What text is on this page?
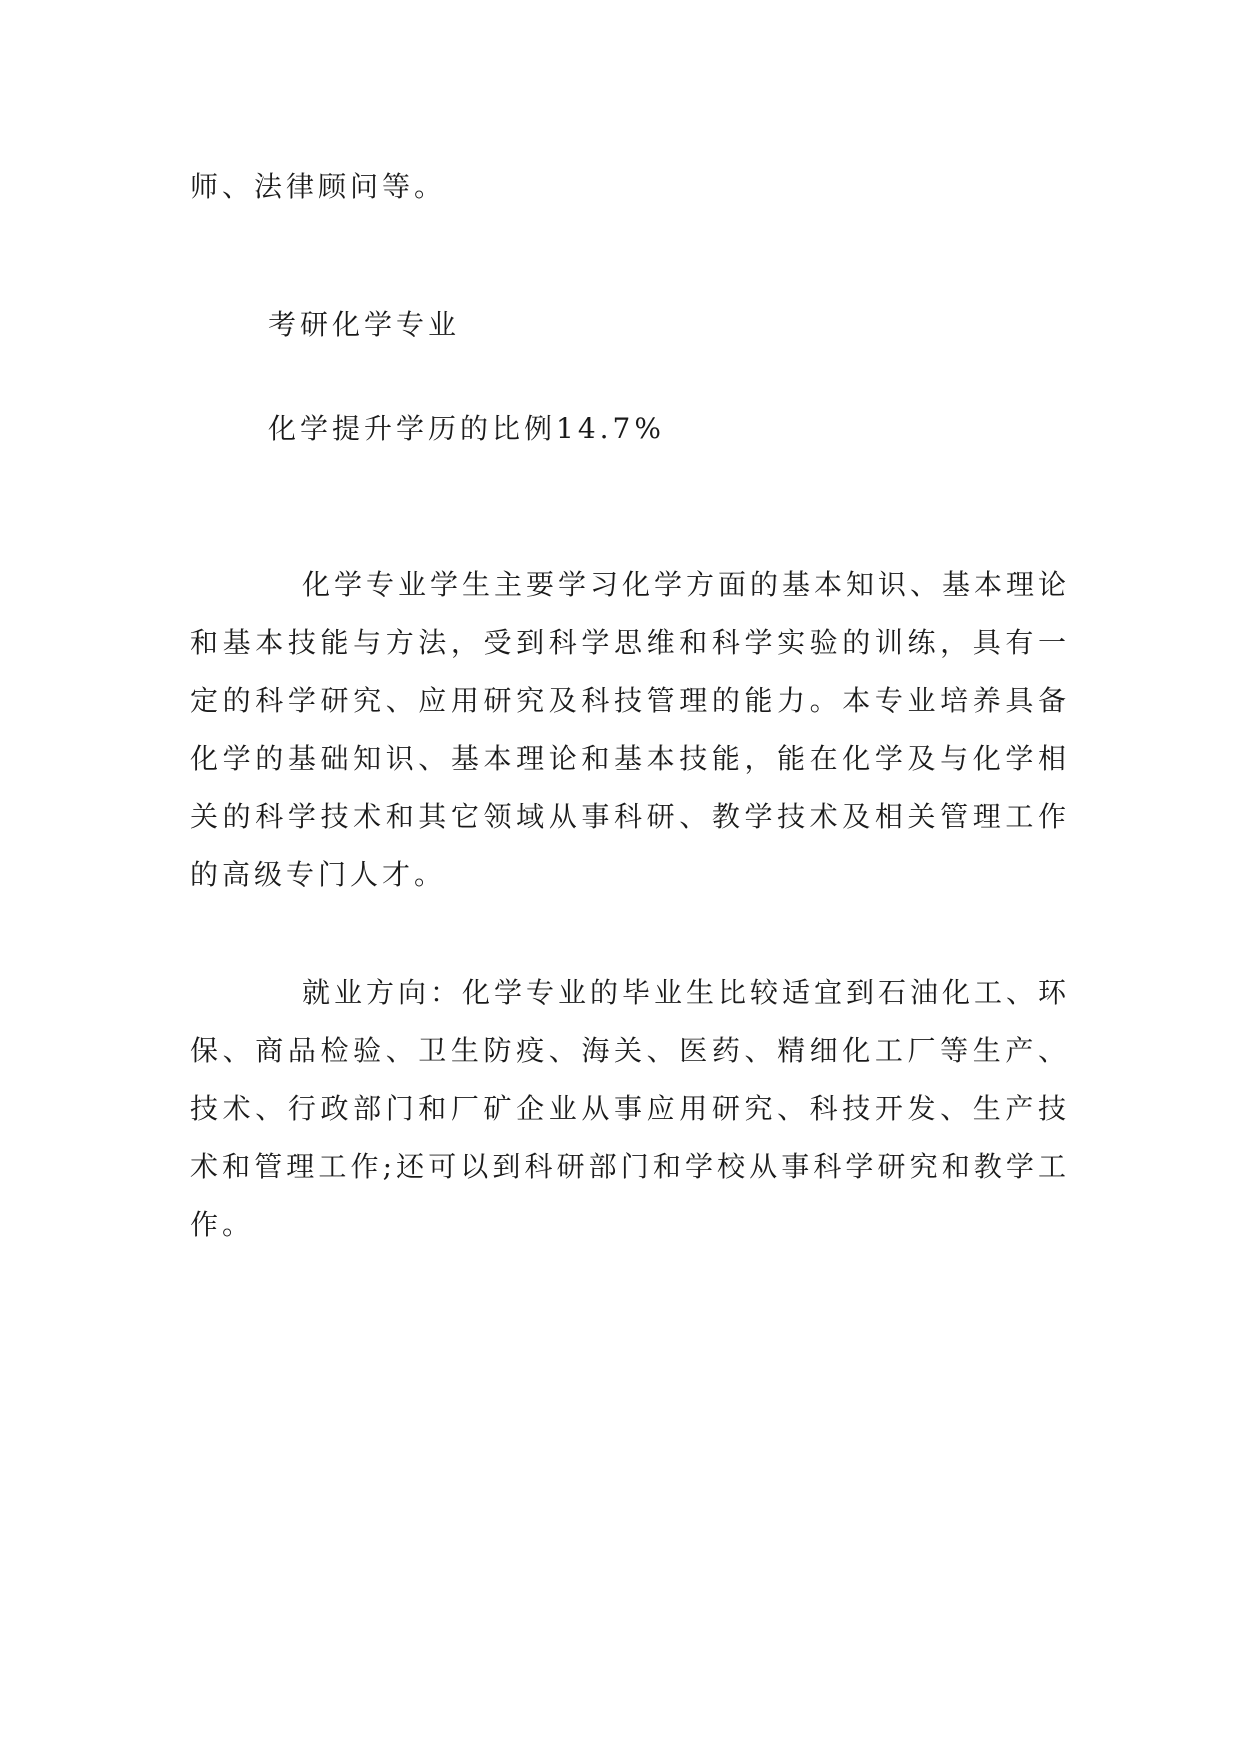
师、法律顾问等。
考研化学专业
化学提升学历的比例14.7%
化学专业学生主要学习化学方面的基本知识、基本理论和基本技能与方法，受到科学思维和科学实验的训练，具有一定的科学研究、应用研究及科技管理的能力。本专业培养具备化学的基础知识、基本理论和基本技能，能在化学及与化学相关的科学技术和其它领域从事科研、教学技术及相关管理工作的高级专门人才。
就业方向：化学专业的毕业生比较适宜到石油化工、环保、商品检验、卫生防疫、海关、医药、精细化工厂等生产、技术、行政部门和厂矿企业从事应用研究、科技开发、生产技术和管理工作;还可以到科研部门和学校从事科学研究和教学工作。
